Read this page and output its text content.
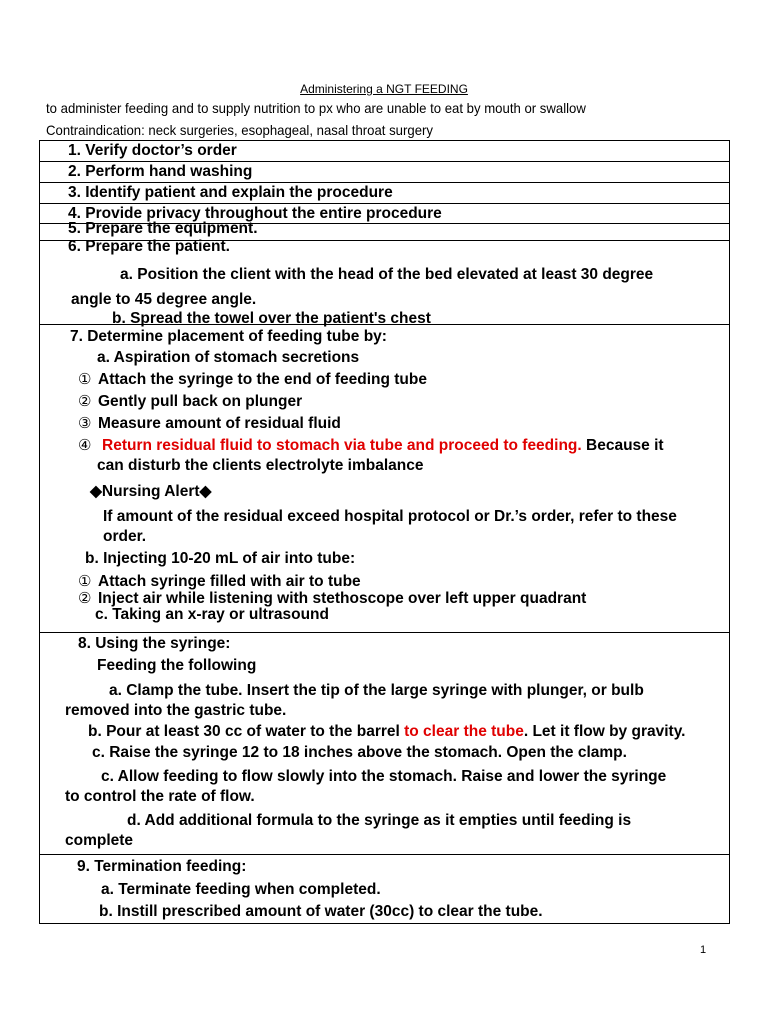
Administering a NGT FEEDING
to administer feeding and to supply nutrition to px who are unable to eat by mouth or swallow
Contraindication: neck surgeries, esophageal, nasal throat surgery
1. Verify doctor’s order

2. Perform hand washing

3. Identify patient and explain the procedure

4. Provide privacy throughout the entire procedure

5. Prepare the equipment.

6. Prepare the patient.
a. Position the client with the head of the bed elevated at least 30 degree
angle to 45 degree angle.
b. Spread the towel over the patient's chest

7. Determine placement of feeding tube by:
a. Aspiration of stomach secretions
① Attach the syringe to the end of feeding tube
② Gently pull back on plunger
③ Measure amount of residual fluid
④ Return residual fluid to stomach via tube and proceed to feeding. Because it
can disturb the clients electrolyte imbalance
◆Nursing Alert◆
If amount of the residual exceed hospital protocol or Dr.’s order, refer to these
order.
b. Injecting 10-20 mL of air into tube:
① Attach syringe filled with air to tube
② Inject air while listening with stethoscope over left upper quadrant
c. Taking an x-ray or ultrasound

8. Using the syringe:
Feeding the following
a. Clamp the tube. Insert the tip of the large syringe with plunger, or bulb
removed into the gastric tube.
b. Pour at least 30 cc of water to the barrel to clear the tube. Let it flow by gravity.
c. Raise the syringe 12 to 18 inches above the stomach. Open the clamp.
c. Allow feeding to flow slowly into the stomach. Raise and lower the syringe
to control the rate of flow.
d. Add additional formula to the syringe as it empties until feeding is
complete

9. Termination feeding:
a. Terminate feeding when completed.
b. Instill prescribed amount of water (30cc) to clear the tube.
1
